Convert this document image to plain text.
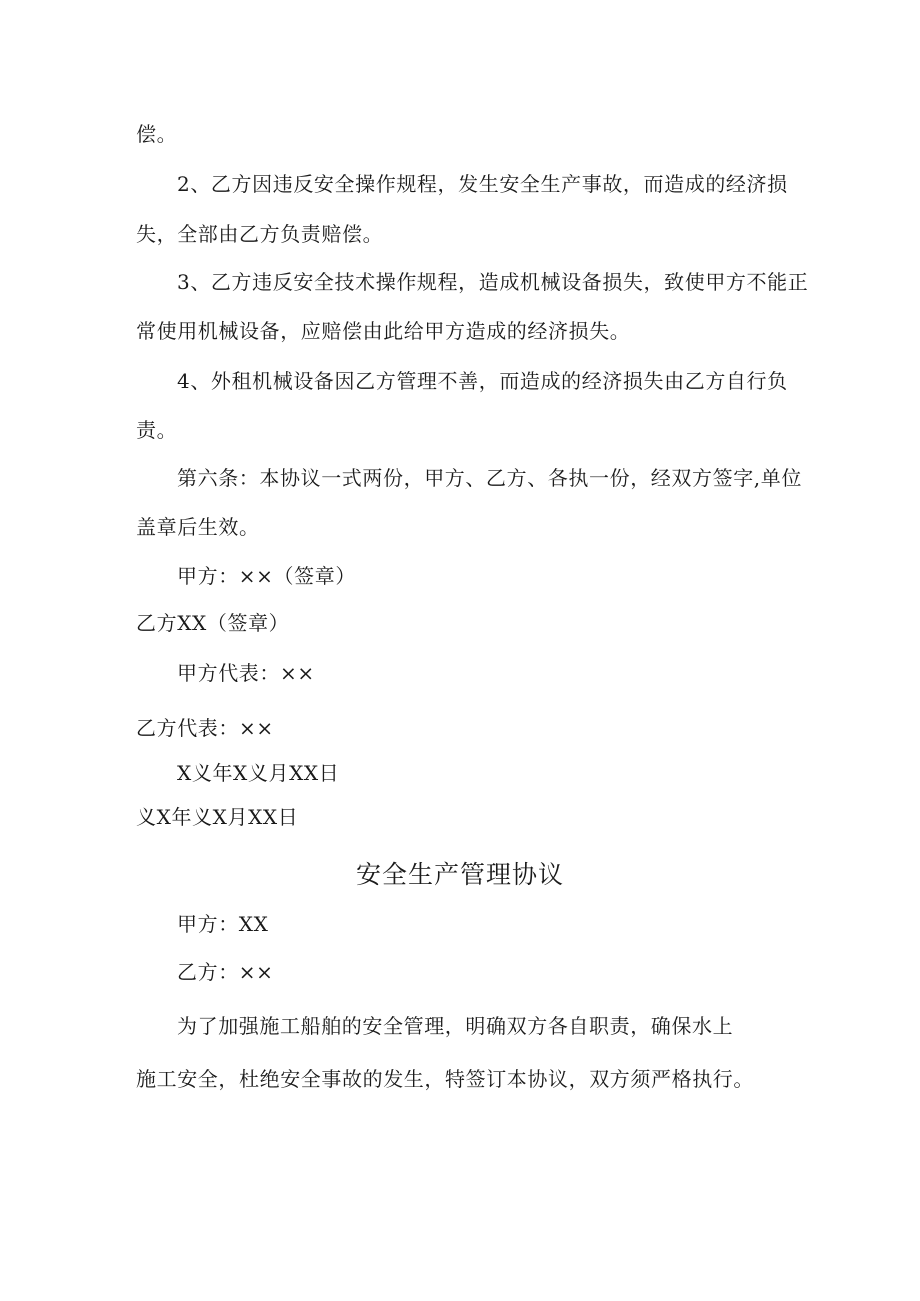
偿。
2、乙方因违反安全操作规程，发生安全生产事故，而造成的经济损
失，全部由乙方负责赔偿。
3、乙方违反安全技术操作规程，造成机械设备损失，致使甲方不能正
常使用机械设备，应赔偿由此给甲方造成的经济损失。
4、外租机械设备因乙方管理不善，而造成的经济损失由乙方自行负
责。
第六条：本协议一式两份，甲方、乙方、各执一份，经双方签字,单位
盖章后生效。
甲方：××（签章）
乙方XX（签章）
甲方代表：××
乙方代表：××
X义年X义月XX日
义X年义X月XX日
安全生产管理协议
甲方：XX
乙方：××
为了加强施工船舶的安全管理，明确双方各自职责，确保水上
施工安全，杜绝安全事故的发生，特签订本协议，双方须严格执行。
